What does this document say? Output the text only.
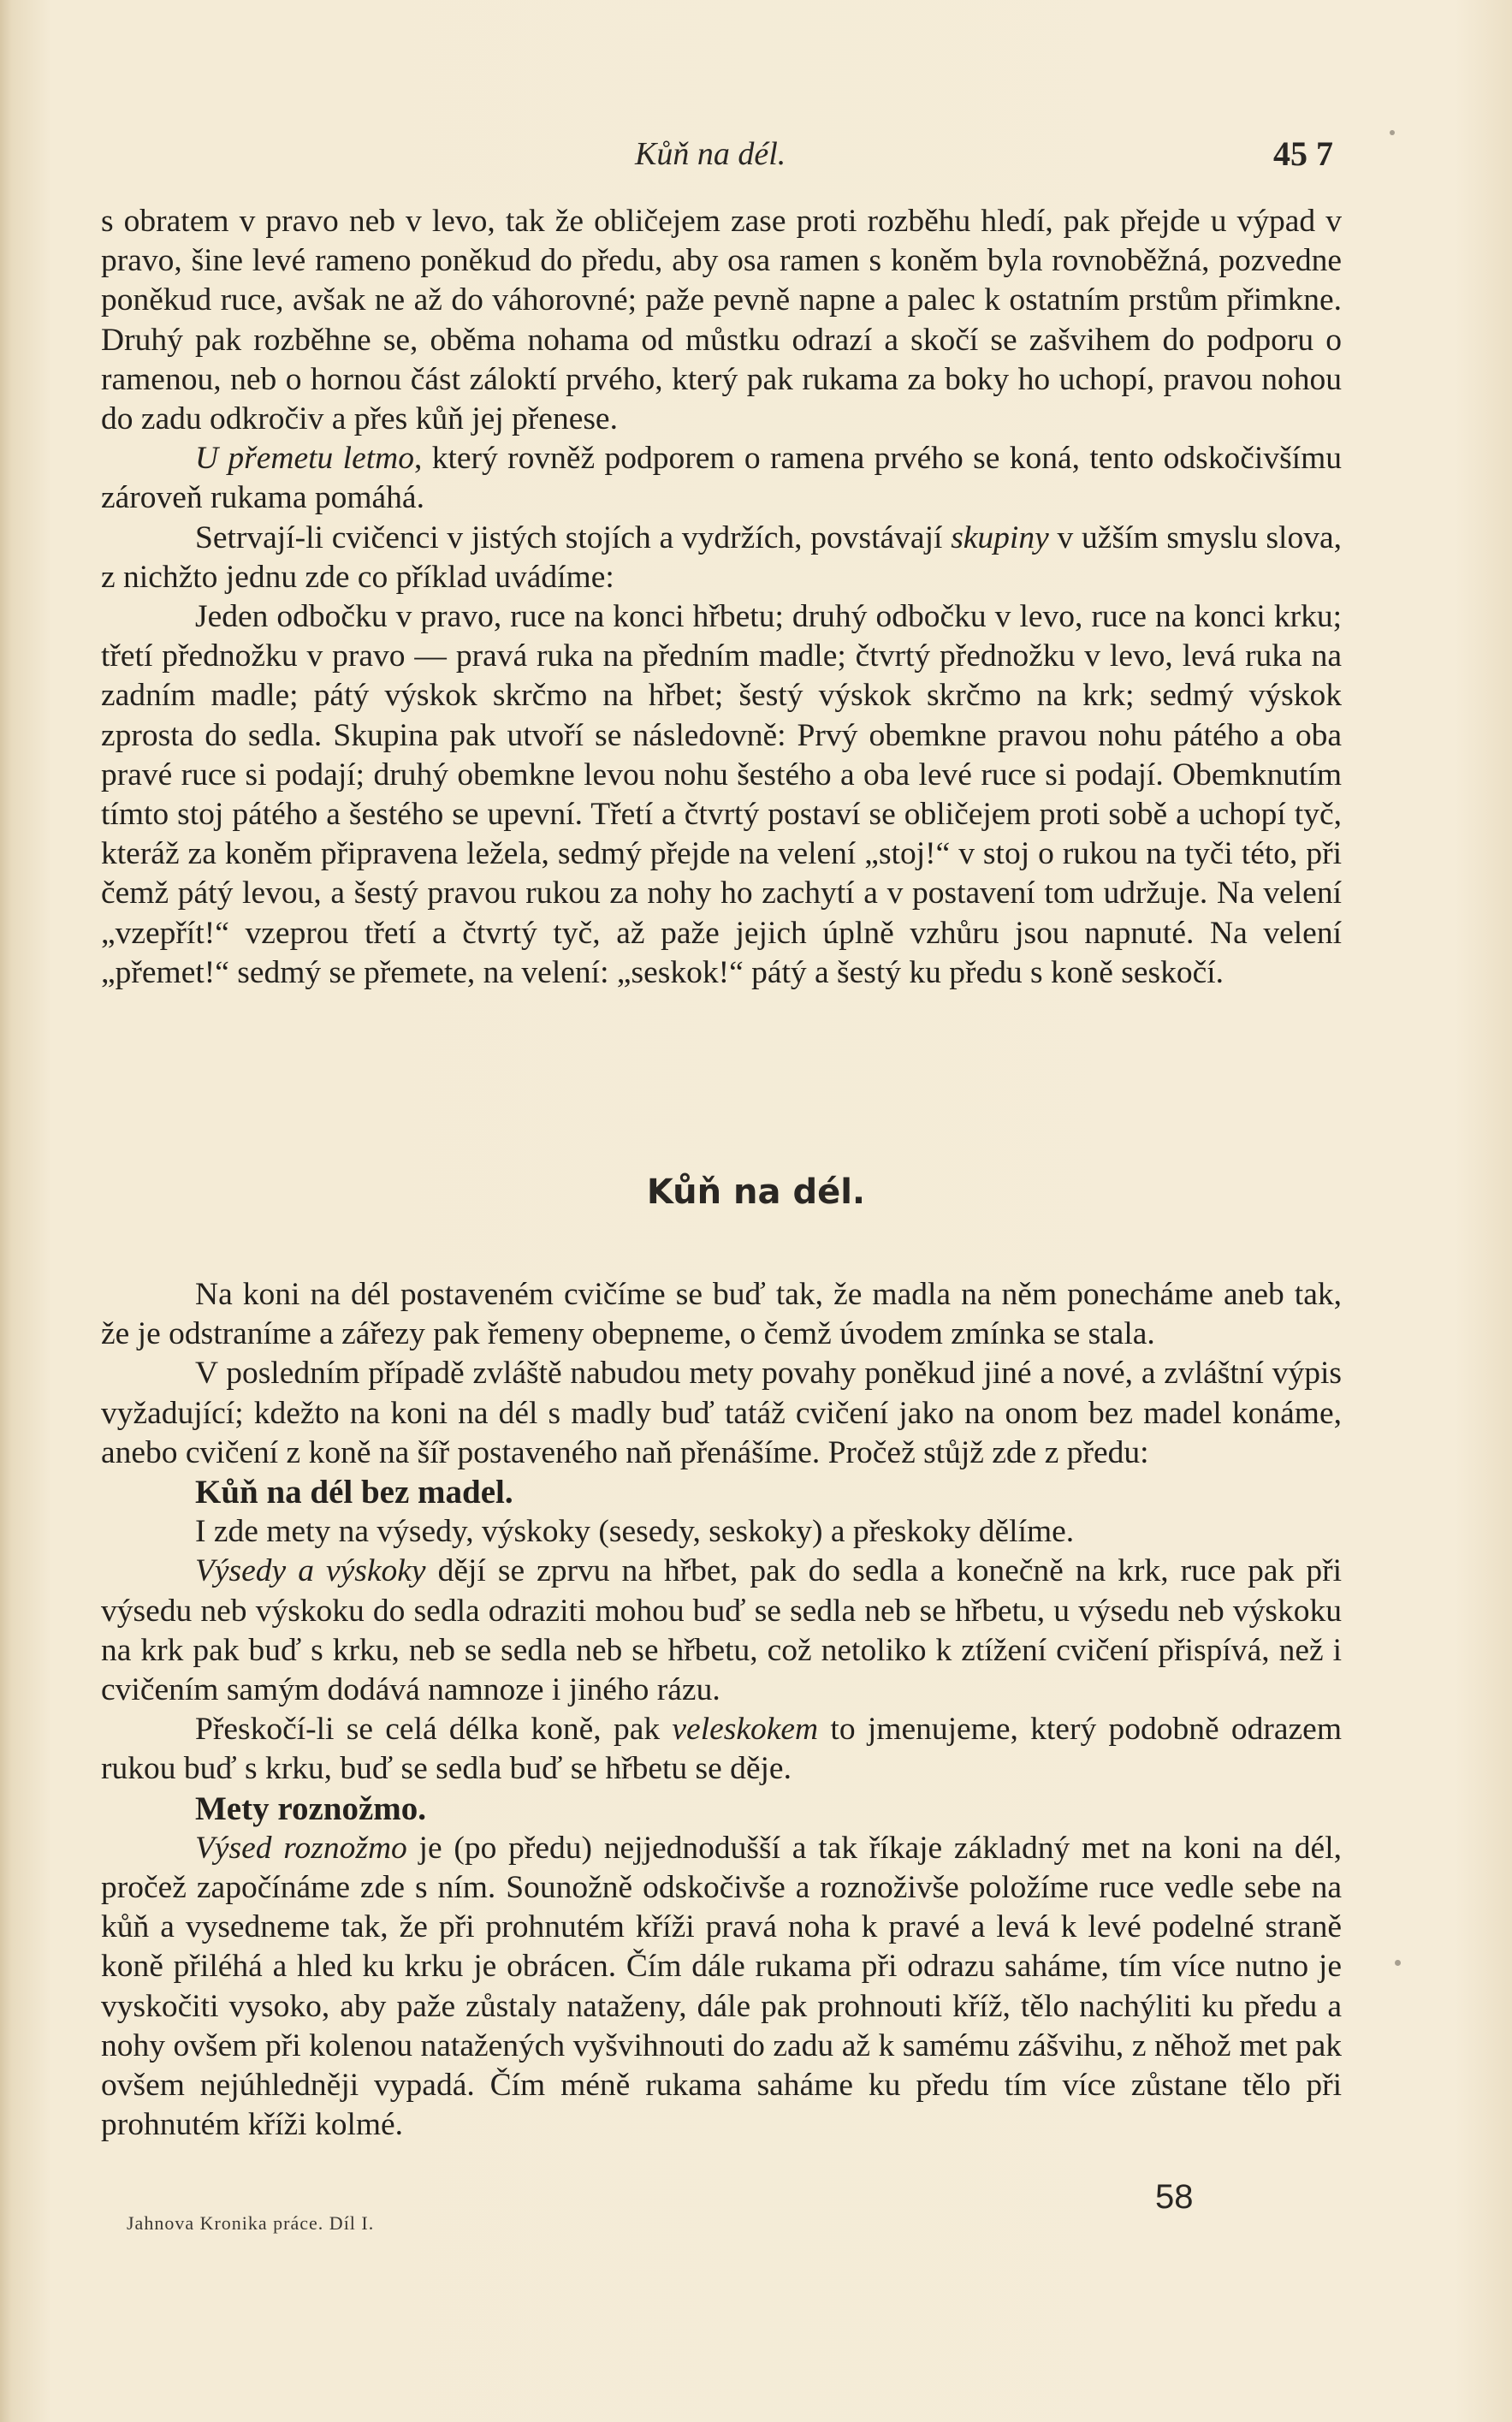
Kůň na dél.	45 7

s obratem v pravo neb v levo, tak že obličejem zase proti rozběhu hledí, pak přejde u výpad v pravo, šine levé rameno poněkud do předu, aby osa ramen s koněm byla rovnoběžná, pozvedne poněkud ruce, avšak ne až do váhorovné; paže pevně napne a palec k ostatním prstům přimkne. Druhý pak rozběhne se, oběma nohama od můstku odrazí a skočí se zašvihem do podporu o ramenou, neb o hornou část záloktí prvého, který pak rukama za boky ho uchopí, pravou nohou do zadu odkročiv a přes kůň jej přenese.

U přemetu letmo, který rovněž podporem o ramena prvého se koná, tento odskočivšímu zároveň rukama pomáhá.

Setrvají-li cvičenci v jistých stojích a vydržích, povstávají skupiny v užším smyslu slova, z nichžto jednu zde co příklad uvádíme:

Jeden odbočku v pravo, ruce na konci hřbetu; druhý odbočku v levo, ruce na konci krku; třetí přednožku v pravo — pravá ruka na předním madle; čtvrtý přednožku v levo, levá ruka na zadním madle; pátý výskok skrčmo na hřbet; šestý výskok skrčmo na krk; sedmý výskok zprosta do sedla. Skupina pak utvoří se následovně: Prvý obemkne pravou nohu pátého a oba pravé ruce si podají; druhý obemkne levou nohu šestého a oba levé ruce si podají. Obemknutím tímto stoj pátého a šestého se upevní. Třetí a čtvrtý postaví se obličejem proti sobě a uchopí tyč, kteráž za koněm připravena ležela, sedmý přejde na velení „stoj!“ v stoj o rukou na tyči této, při čemž pátý levou, a šestý pravou rukou za nohy ho zachytí a v postavení tom udržuje. Na velení „vzepřít!“ vzeprou třetí a čtvrtý tyč, až paže jejich úplně vzhůru jsou napnuté. Na velení „přemet!“ sedmý se přemete, na velení: „seskok!“ pátý a šestý ku předu s koně seskočí.

Kůň na dél.

Na koni na dél postaveném cvičíme se buď tak, že madla na něm ponecháme aneb tak, že je odstraníme a zářezy pak řemeny obepneme, o čemž úvodem zmínka se stala.

V posledním případě zvláště nabudou mety povahy poněkud jiné a nové, a zvláštní výpis vyžadující; kdežto na koni na dél s madly buď tatáž cvičení jako na onom bez madel konáme, anebo cvičení z koně na šíř postaveného naň přenášíme. Pročež stůjž zde z předu:

Kůň na dél bez madel.

I zde mety na výsedy, výskoky (sesedy, seskoky) a přeskoky dělíme.

Výsedy a výskoky dějí se zprvu na hřbet, pak do sedla a konečně na krk, ruce pak při výsedu neb výskoku do sedla odraziti mohou buď se sedla neb se hřbetu, u výsedu neb výskoku na krk pak buď s krku, neb se sedla neb se hřbetu, což netoliko k ztížení cvičení přispívá, než i cvičením samým dodává namnoze i jiného rázu.

Přeskočí-li se celá délka koně, pak veleskokem to jmenujeme, který podobně odrazem rukou buď s krku, buď se sedla buď se hřbetu se děje.

Mety roznožmo.

Výsed roznožmo je (po předu) nejjednodušší a tak říkaje základný met na koni na dél, pročež započínáme zde s ním. Sounožně odskočivše a roznoživše položíme ruce vedle sebe na kůň a vysedneme tak, že při prohnutém kříži pravá noha k pravé a levá k levé podelné straně koně přiléhá a hled ku krku je obrácen. Čím dále rukama při odrazu saháme, tím více nutno je vyskočiti vysoko, aby paže zůstaly nataženy, dále pak prohnouti kříž, tělo nachýliti ku předu a nohy ovšem při kolenou natažených vyšvihnouti do zadu až k samému zášvihu, z něhož met pak ovšem nejúhledněji vypadá. Čím méně rukama saháme ku předu tím více zůstane tělo při prohnutém kříži kolmé.

Jahnova Kronika práce. Díl I.
58
